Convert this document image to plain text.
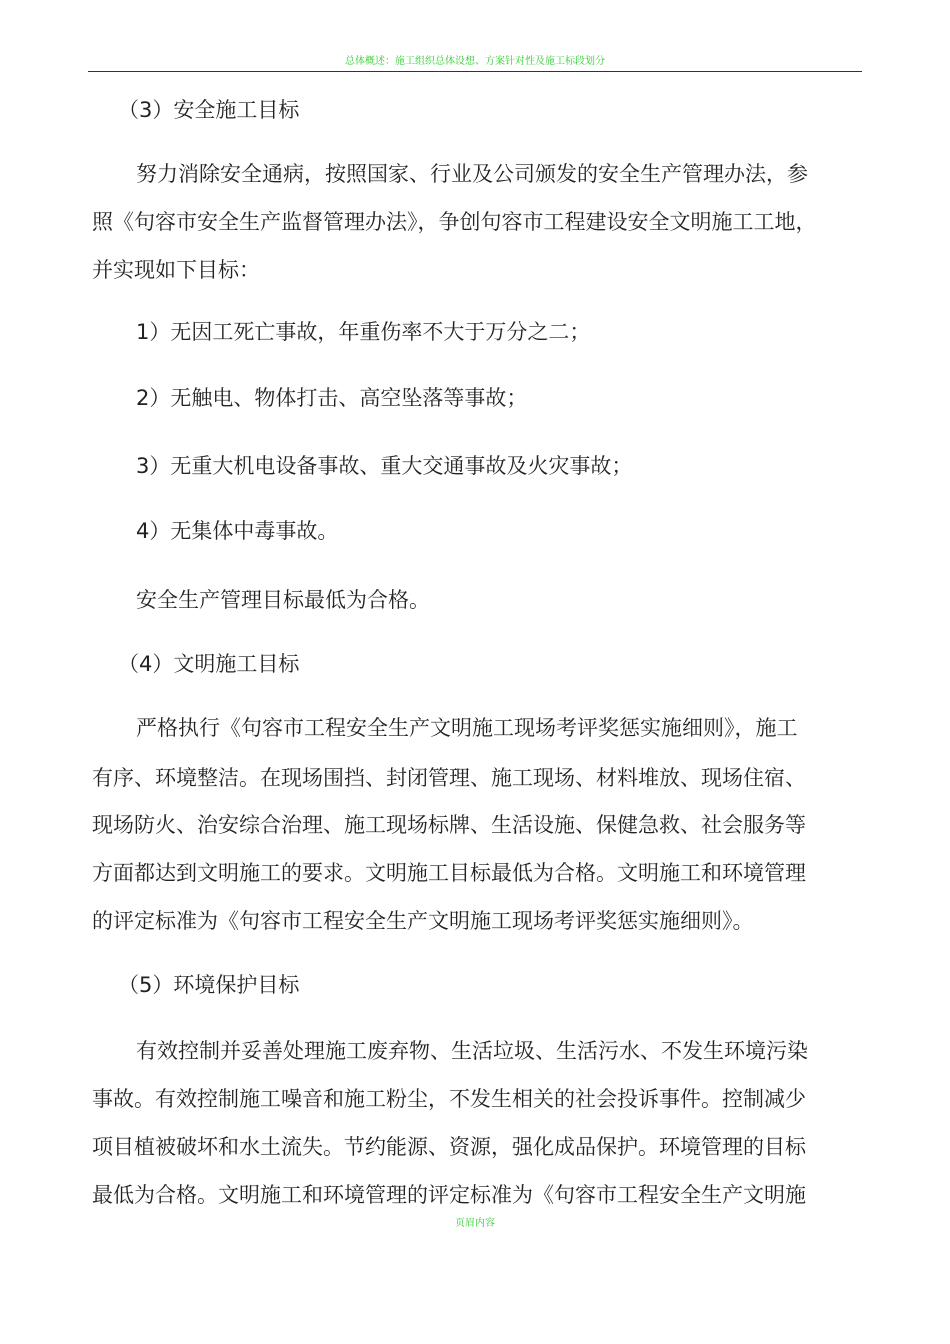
总体概述：施工组织总体设想、方案针对性及施工标段划分
（3）安全施工目标
努力消除安全通病，按照国家、行业及公司颁发的安全生产管理办法，参
照《句容市安全生产监督管理办法》，争创句容市工程建设安全文明施工工地，
并实现如下目标：
1）无因工死亡事故，年重伤率不大于万分之二；
2）无触电、物体打击、高空坠落等事故；
3）无重大机电设备事故、重大交通事故及火灾事故；
4）无集体中毒事故。
安全生产管理目标最低为合格。
（4）文明施工目标
严格执行《句容市工程安全生产文明施工现场考评奖惩实施细则》，施工
有序、环境整洁。在现场围挡、封闭管理、施工现场、材料堆放、现场住宿、
现场防火、治安综合治理、施工现场标牌、生活设施、保健急救、社会服务等
方面都达到文明施工的要求。文明施工目标最低为合格。文明施工和环境管理
的评定标准为《句容市工程安全生产文明施工现场考评奖惩实施细则》。
（5）环境保护目标
有效控制并妥善处理施工废弃物、生活垃圾、生活污水、不发生环境污染
事故。有效控制施工噪音和施工粉尘，不发生相关的社会投诉事件。控制减少
项目植被破坏和水土流失。节约能源、资源，强化成品保护。环境管理的目标
最低为合格。文明施工和环境管理的评定标准为《句容市工程安全生产文明施
页眉内容
